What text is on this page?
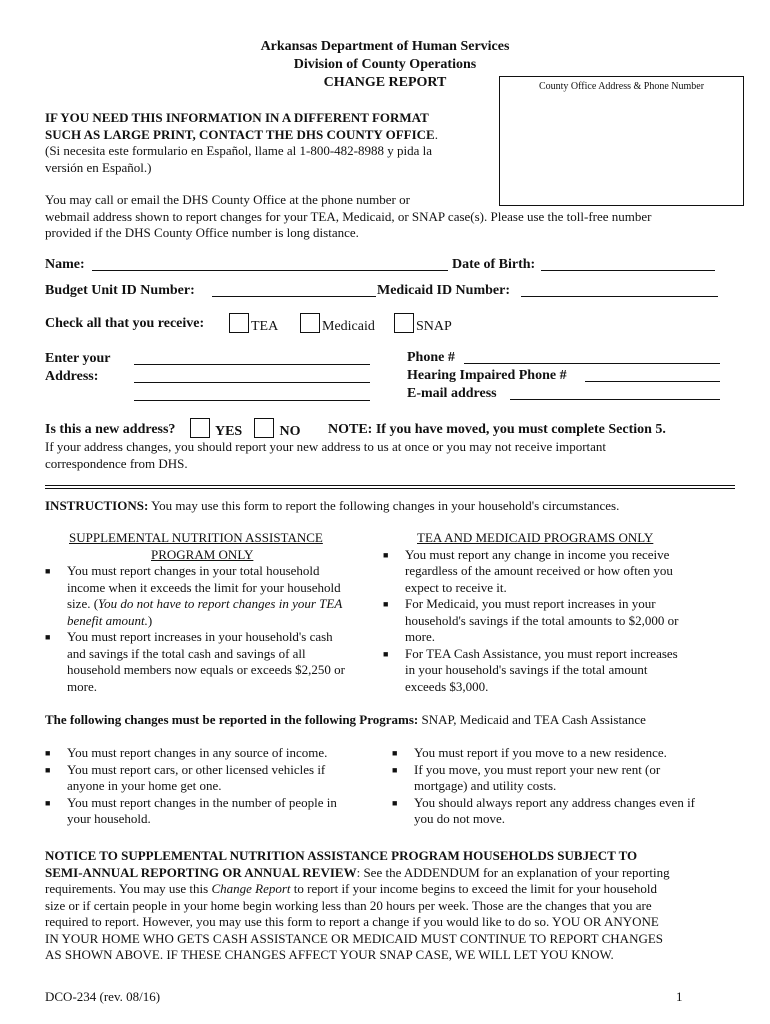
Arkansas Department of Human Services
Division of County Operations
CHANGE REPORT	County Office Address & Phone Number
IF YOU NEED THIS INFORMATION IN A DIFFERENT FORMAT
SUCH AS LARGE PRINT, CONTACT THE DHS COUNTY OFFICE.
(Si necesita este formulario en Español, llame al 1-800-482-8988 y pida la
versión en Español.)
You may call or email the DHS County Office at the phone number or
webmail address shown to report changes for your TEA, Medicaid, or SNAP case(s). Please use the toll-free number
provided if the DHS County Office number is long distance.
Name:	Date of Birth:
Budget Unit ID Number:	Medicaid ID Number:
Check all that you receive:	TEA	Medicaid	SNAP
Enter your
Address:
Phone #
Hearing Impaired Phone #
E-mail address
Is this a new address?	YES	NO NOTE: If you have moved, you must complete Section 5.
If your address changes, you should report your new address to us at once or you may not receive important
correspondence from DHS.
INSTRUCTIONS: You may use this form to report the following changes in your household's circumstances.
SUPPLEMENTAL NUTRITION ASSISTANCE
PROGRAM ONLY
■ You must report changes in your total household
income when it exceeds the limit for your household
size. (You do not have to report changes in your TEA
benefit amount.)
■ You must report increases in your household's cash
and savings if the total cash and savings of all
household members now equals or exceeds $2,250 or
more.
TEA AND MEDICAID PROGRAMS ONLY
■ You must report any change in income you receive
regardless of the amount received or how often you
expect to receive it.
■ For Medicaid, you must report increases in your
household's savings if the total amounts to $2,000 or
more.
■ For TEA Cash Assistance, you must report increases
in your household's savings if the total amount
exceeds $3,000.
The following changes must be reported in the following Programs: SNAP, Medicaid and TEA Cash Assistance
■ You must report changes in any source of income.
■ You must report cars, or other licensed vehicles if
anyone in your home get one.
■ You must report changes in the number of people in
your household.
■ You must report if you move to a new residence.
■ If you move, you must report your new rent (or
mortgage) and utility costs.
■ You should always report any address changes even if
you do not move.
NOTICE TO SUPPLEMENTAL NUTRITION ASSISTANCE PROGRAM HOUSEHOLDS SUBJECT TO
SEMI-ANNUAL REPORTING OR ANNUAL REVIEW: See the ADDENDUM for an explanation of your reporting
requirements. You may use this Change Report to report if your income begins to exceed the limit for your household
size or if certain people in your home begin working less than 20 hours per week. Those are the changes that you are
required to report. However, you may use this form to report a change if you would like to do so. YOU OR ANYONE
IN YOUR HOME WHO GETS CASH ASSISTANCE OR MEDICAID MUST CONTINUE TO REPORT CHANGES
AS SHOWN ABOVE. IF THESE CHANGES AFFECT YOUR SNAP CASE, WE WILL LET YOU KNOW.
DCO-234 (rev. 08/16)	1
